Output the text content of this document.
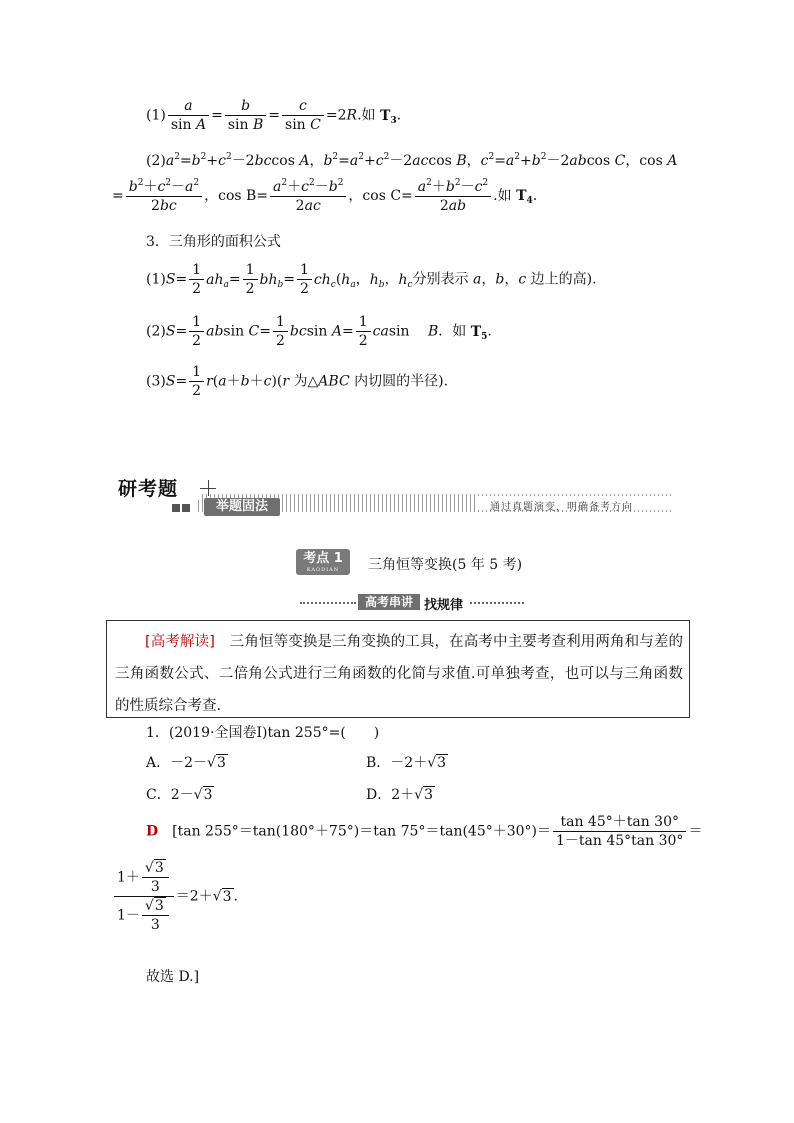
$(1) \frac{a}{\text{sin A}} = \frac{b}{\text{sin B}} = \frac{c}{\text{sin C}} =2R$.如 $T_3$.
$(2)a^2=b^2+c^2-2bccos$ A，$b^2=a^2+c^2-2accos$ B，$c^2=a^2+b^2-2abcos$ C，cos A
= $\frac{b^2+c^2-a^2}{2bc}$ ，$\cos B= \frac{a^2+c^2-b^2}{2ac}$ ，$\cos C= \frac{a^2+b^2-c^2}{2ab}$ .如 $T_4$.
3．三角形的面积公式
$(1)S= \frac{1}{2} ah_a= \frac{1}{2} bh_b= \frac{1}{2} ch_c(h_a$，$h_b$，$h_c$分别表示 a，b，c 边上的高).
$(2)S= \frac{1}{2}$ absin $C= \frac{1}{2}$ bcsin $A= \frac{1}{2}$ casin　 B．如 $T_5$.
$(3)S= \frac{1}{2} r(a+b+c)(r$ 为△ABC 内切圆的半径).
研考题
举题固法	通过真题演变，明确备考方向
考点 1
KAODIAN	三角恒等变换(5 年 5 考)
高考串讲 找规律
[高考解读]　三角恒等变换是三角变换的工具，在高考中主要考查利用两角和与差的三角函数公式、二倍角公式进行三角函数的化简与求值.可单独考查，也可以与三角函数的性质综合考查.
1．(2019·全国卷Ⅰ)tan 255°=(　　)
A．－2－√3	B．－2＋√3
C．2－√3	D．2＋√3
D　 [tan 255°＝tan(180°＋75°)＝tan $75^\circ=\tan(45^\circ+30^\circ)= \frac{\tan 45^\circ+\tan 30^\circ}{1-\tan 45^\circ\tan 30^\circ}$ ＝
$\frac{1+ \frac{√3}{3}}{1- \frac{√3}{3}} =2+√3$ .
故选 D.]
